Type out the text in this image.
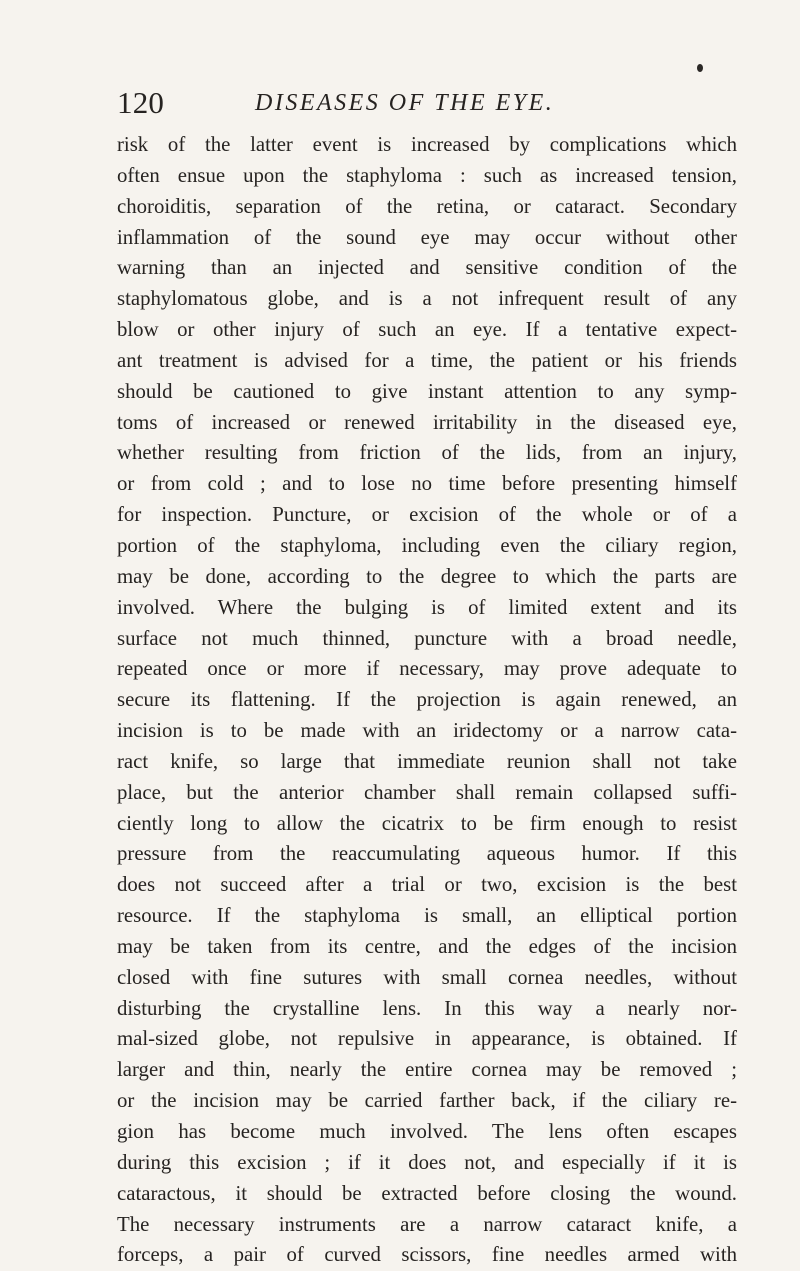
120	DISEASES OF THE EYE.
risk of the latter event is increased by complications which
often ensue upon the staphyloma : such as increased tension,
choroiditis, separation of the retina, or cataract. Secondary
inflammation of the sound eye may occur without other
warning than an injected and sensitive condition of the
staphylomatous globe, and is a not infrequent result of any
blow or other injury of such an eye. If a tentative expect-
ant treatment is advised for a time, the patient or his friends
should be cautioned to give instant attention to any symp-
toms of increased or renewed irritability in the diseased eye,
whether resulting from friction of the lids, from an injury,
or from cold ; and to lose no time before presenting himself
for inspection. Puncture, or excision of the whole or of a
portion of the staphyloma, including even the ciliary region,
may be done, according to the degree to which the parts are
involved. Where the bulging is of limited extent and its
surface not much thinned, puncture with a broad needle,
repeated once or more if necessary, may prove adequate to
secure its flattening. If the projection is again renewed, an
incision is to be made with an iridectomy or a narrow cata-
ract knife, so large that immediate reunion shall not take
place, but the anterior chamber shall remain collapsed suffi-
ciently long to allow the cicatrix to be firm enough to resist
pressure from the reaccumulating aqueous humor. If this
does not succeed after a trial or two, excision is the best
resource. If the staphyloma is small, an elliptical portion
may be taken from its centre, and the edges of the incision
closed with fine sutures with small cornea needles, without
disturbing the crystalline lens. In this way a nearly nor-
mal-sized globe, not repulsive in appearance, is obtained. If
larger and thin, nearly the entire cornea may be removed ;
or the incision may be carried farther back, if the ciliary re-
gion has become much involved. The lens often escapes
during this excision ; if it does not, and especially if it is
cataractous, it should be extracted before closing the wound.
The necessary instruments are a narrow cataract knife, a
forceps, a pair of curved scissors, fine needles armed with
